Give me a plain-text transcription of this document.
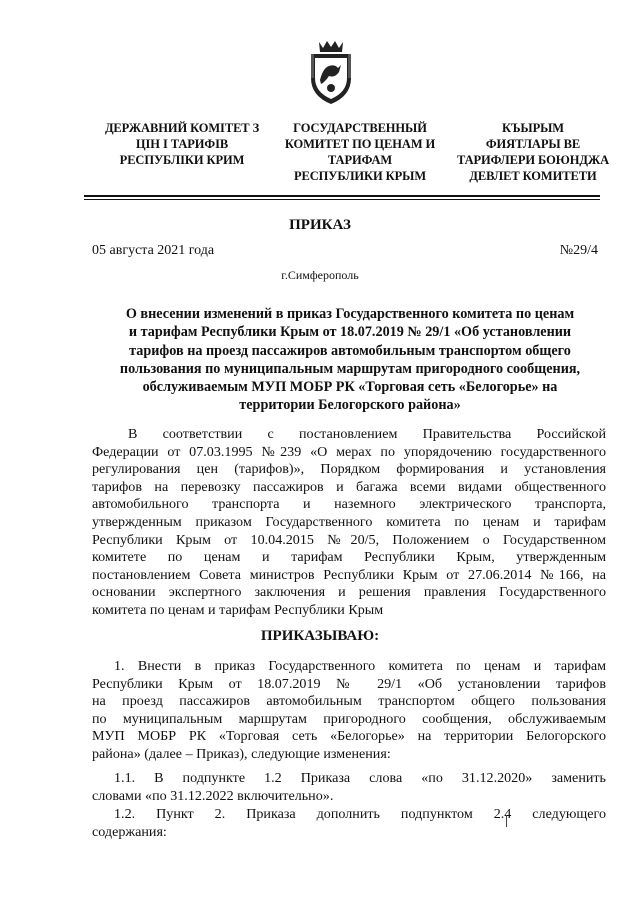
ДЕРЖАВНИЙ КОМІТЕТ З
ЦІН І ТАРИФІВ
РЕСПУБЛІКИ КРИМ
ГОСУДАРСТВЕННЫЙ
КОМИТЕТ ПО ЦЕНАМ И
ТАРИФАМ
РЕСПУБЛИКИ КРЫМ
КЪЫРЫМ
ФИЯТЛАРЫ ВЕ
ТАРИФЛЕРИ БОЮНДЖА
ДЕВЛЕТ КОМИТЕТИ
ПРИКАЗ
05 августа 2021 года	№29/4
г.Симферополь
О внесении изменений в приказ Государственного комитета по ценам
и тарифам Республики Крым от 18.07.2019 № 29/1 «Об установлении
тарифов на проезд пассажиров автомобильным транспортом общего
пользования по муниципальным маршрутам пригородного сообщения,
обслуживаемым МУП МОБР РК «Торговая сеть «Белогорье» на
территории Белогорского района»
В соответствии с постановлением Правительства Российской
Федерации от 07.03.1995 №239 «О мерах по упорядочению государственного
регулирования цен (тарифов)», Порядком формирования и установления
тарифов на перевозку пассажиров и багажа всеми видами общественного
автомобильного транспорта и наземного электрического транспорта,
утвержденным приказом Государственного комитета по ценам и тарифам
Республики Крым от 10.04.2015 №20/5, Положением о Государственном
комитете по ценам и тарифам Республики Крым, утвержденным
постановлением Совета министров Республики Крым от 27.06.2014 №166, на
основании экспертного заключения и решения правления Государственного
комитета по ценам и тарифам Республики Крым
ПРИКАЗЫВАЮ:
1. Внести в приказ Государственного комитета по ценам и тарифам
Республики Крым от 18.07.2019 № 29/1 «Об установлении тарифов
на проезд пассажиров автомобильным транспортом общего пользования
по муниципальным маршрутам пригородного сообщения, обслуживаемым
МУП МОБР РК «Торговая сеть «Белогорье» на территории Белогорского
района» (далее – Приказ), следующие изменения:
1.1. В подпункте 1.2 Приказа слова «по 31.12.2020» заменить
словами «по 31.12.2022 включительно».
1.2. Пункт 2. Приказа дополнить подпунктом 2.4 следующего
содержания:
